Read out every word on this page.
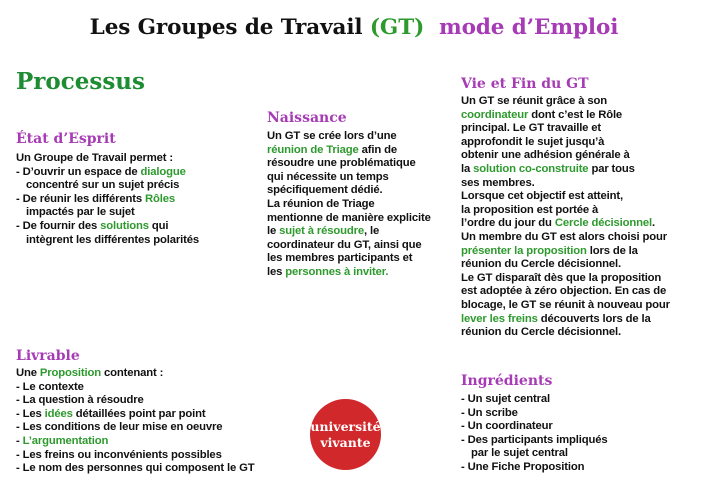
Les Groupes de Travail (GT) mode d’Emploi
Processus
État d’Esprit
Un Groupe de Travail permet :
- D’ouvrir un espace de dialogue
concentré sur un sujet précis
- De réunir les différents Rôles
impactés par le sujet
- De fournir des solutions qui
intègrent les différentes polarités
Naissance
Un GT se crée lors d’une
réunion de Triage afin de
résoudre une problématique
qui nécessite un temps
spécifiquement dédié.
La réunion de Triage
mentionne de manière explicite
le sujet à résoudre, le
coordinateur du GT, ainsi que
les membres participants et
les personnes à inviter.
Vie et Fin du GT
Un GT se réunit grâce à son
coordinateur dont c’est le Rôle
principal. Le GT travaille et
approfondit le sujet jusqu’à
obtenir une adhésion générale à
la solution co-construite par tous
ses membres.
Lorsque cet objectif est atteint,
la proposition est portée à
l’ordre du jour du Cercle décisionnel.
Un membre du GT est alors choisi pour
présenter la proposition lors de la
réunion du Cercle décisionnel.
Le GT disparaît dès que la proposition
est adoptée à zéro objection. En cas de
blocage, le GT se réunit à nouveau pour
lever les freins découverts lors de la
réunion du Cercle décisionnel.
Livrable
Une Proposition contenant :
- Le contexte
- La question à résoudre
- Les idées détaillées point par point
- Les conditions de leur mise en oeuvre
- L’argumentation
- Les freins ou inconvénients possibles
- Le nom des personnes qui composent le GT
université
vivante
Ingrédients
- Un sujet central
- Un scribe
- Un coordinateur
- Des participants impliqués
par le sujet central
- Une Fiche Proposition
